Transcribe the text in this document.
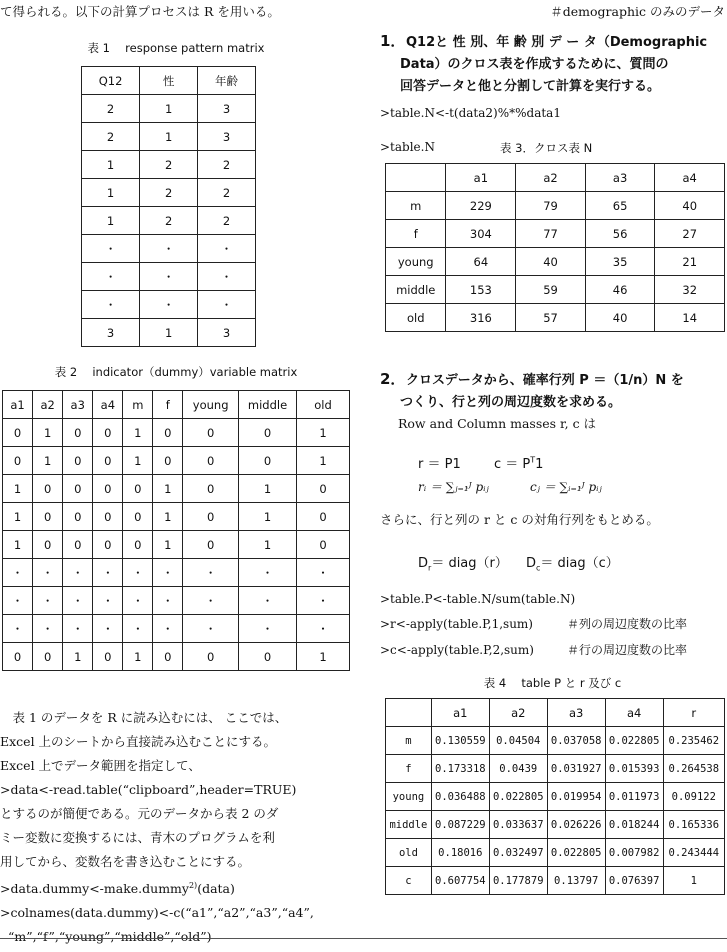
て得られる。以下の計算プロセスは R を用いる。

表 1　 response pattern matrix

Q12	性	年齢
2	1	3
2	1	3
1	2	2
1	2	2
1	2	2
・	・	・
・	・	・
・	・	・
3	1	3

表 2　 indicator（dummy）variable matrix

a1	a2	a3	a4	m	f	young	middle	old
0	1	0	0	1	0	0	0	1
0	1	0	0	1	0	0	0	1
1	0	0	0	0	1	0	1	0
1	0	0	0	0	1	0	1	0
1	0	0	0	0	1	0	1	0
・	・	・	・	・	・	・	・	・
・	・	・	・	・	・	・	・	・
・	・	・	・	・	・	・	・	・
0	0	1	0	1	0	0	0	1

　表 1 のデータを R に読み込むには、 ここでは、

Excel 上のシートから直接読み込むことにする。

Excel 上でデータ範囲を指定して、

>data<-read.table(“clipboard”,header=TRUE)

とするのが簡便である。元のデータから表 2 のダ

ミー変数に変換するには、青木のプログラムを利

用してから、変数名を書き込むことにする。

>data.dummy<-make.dummy$^{2)}$(data)

>colnames(data.dummy)<-c(“a1”,“a2”,“a3”,“a4”,

“m”,“f”,“young”,“middle”,“old”)

＃demographic のみのデータ

1．Q12と 性 別、年 齢 別 デ ー タ（Demographic

Data）のクロス表を作成するために、質問の

回答データと他と分割して計算を実行する。

>table.N<-t(data2)%*%data1

>table.N	表 3．クロス表 N

	a1	a2	a3	a4
m	229	79	65	40
f	304	77	56	27
young	64	40	35	21
middle	153	59	46	32
old	316	57	40	14

2．クロスデータから、確率行列 P ＝（1/n）N を

つくり、行と列の周辺度数を求める。

Row and Column masses r, c は

r ＝ P1	$c = P^T1$

rᵢ ＝ ∑ⱼ₌₁ᴶ pᵢⱼ	cⱼ ＝ ∑ᵢ₌₁ᴶ pᵢⱼ

さらに、行と列の r と c の対角行列をもとめる。

$D_r=$ diag（r） $D_c=$ diag（c）

>table.P<-table.N/sum(table.N)

>r<-apply(table.P,1,sum)	＃列の周辺度数の比率

>c<-apply(table.P,2,sum)	＃行の周辺度数の比率

表 4　 table P と r 及び c

	a1	a2	a3	a4	r
m	0.130559	0.04504	0.037058	0.022805	0.235462
f	0.173318	0.0439	0.031927	0.015393	0.264538
young	0.036488	0.022805	0.019954	0.011973	0.09122
middle	0.087229	0.033637	0.026226	0.018244	0.165336
old	0.18016	0.032497	0.022805	0.007982	0.243444
c	0.607754	0.177879	0.13797	0.076397	1
